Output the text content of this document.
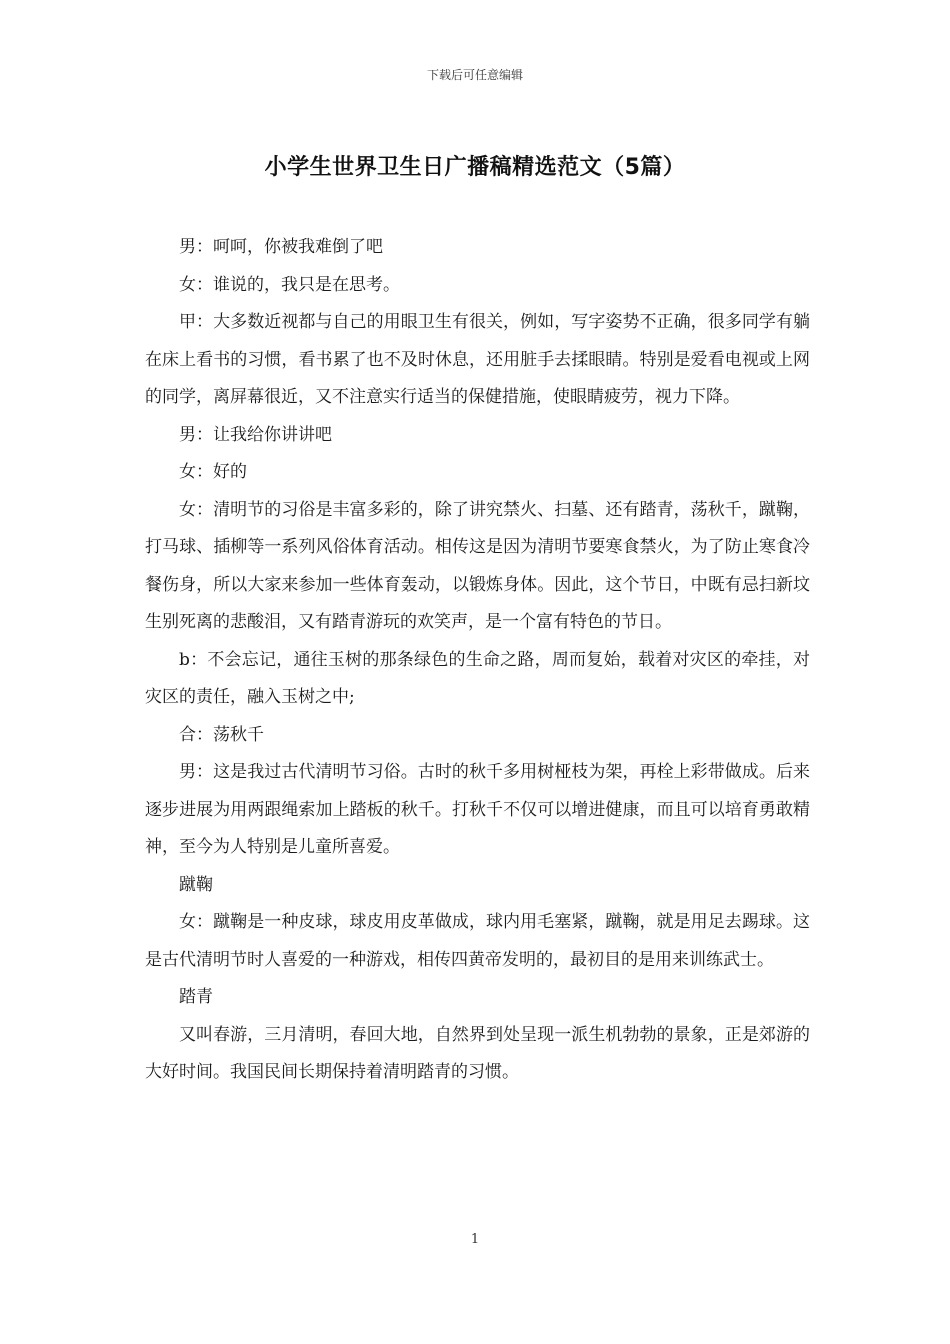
下载后可任意编辑
小学生世界卫生日广播稿精选范文（5篇）

男：呵呵，你被我难倒了吧

女：谁说的，我只是在思考。

甲：大多数近视都与自己的用眼卫生有很关，例如，写字姿势不正确，很多同学有躺在床上看书的习惯，看书累了也不及时休息，还用脏手去揉眼睛。特别是爱看电视或上网的同学，离屏幕很近，又不注意实行适当的保健措施，使眼睛疲劳，视力下降。

男：让我给你讲讲吧

女：好的

女：清明节的习俗是丰富多彩的，除了讲究禁火、扫墓、还有踏青，荡秋千，蹴鞠，打马球、插柳等一系列风俗体育活动。相传这是因为清明节要寒食禁火，为了防止寒食冷餐伤身，所以大家来参加一些体育轰动，以锻炼身体。因此，这个节日，中既有忌扫新坟生别死离的悲酸泪，又有踏青游玩的欢笑声，是一个富有特色的节日。

b：不会忘记，通往玉树的那条绿色的生命之路，周而复始，载着对灾区的牵挂，对灾区的责任，融入玉树之中;

合：荡秋千

男：这是我过古代清明节习俗。古时的秋千多用树桠枝为架，再栓上彩带做成。后来逐步进展为用两跟绳索加上踏板的秋千。打秋千不仅可以增进健康，而且可以培育勇敢精神，至今为人特别是儿童所喜爱。

蹴鞠

女：蹴鞠是一种皮球，球皮用皮革做成，球内用毛塞紧，蹴鞠，就是用足去踢球。这是古代清明节时人喜爱的一种游戏，相传四黄帝发明的，最初目的是用来训练武士。

踏青

又叫春游，三月清明，春回大地，自然界到处呈现一派生机勃勃的景象，正是郊游的大好时间。我国民间长期保持着清明踏青的习惯。

1
